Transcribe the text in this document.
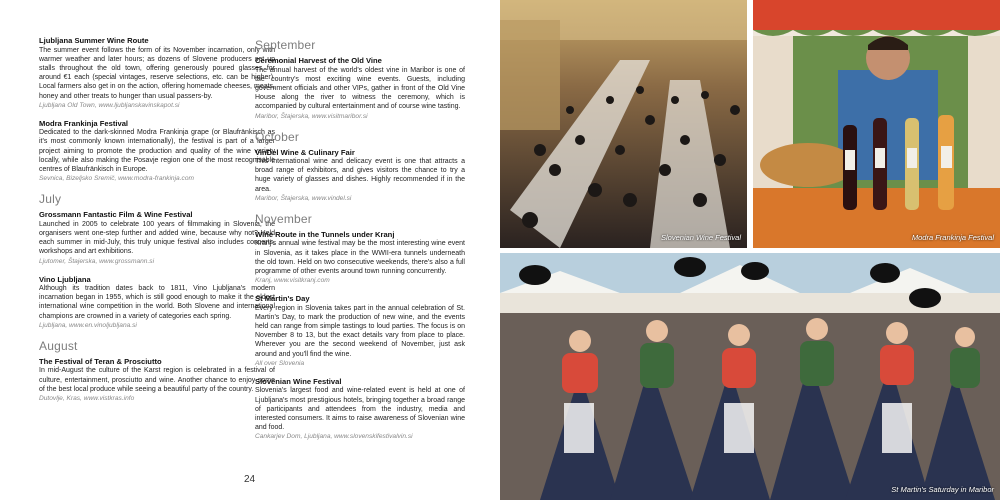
Ljubljana Summer Wine Route

The summer event follows the form of its November incarnation, only with warmer weather and later hours; as dozens of Slovene producers set up stalls throughout the old town, offering generously poured glasses for around €1 each (special vintages, reserve selections, etc. can be higher). Local farmers also get in on the action, offering homemade cheeses, meats, honey and other treats to hunger than usual passers-by.

Ljubljana Old Town, www.ljubljanskavinskapot.si

Modra Frankinja Festival

Dedicated to the dark-skinned Modra Frankinja grape (or Blaufränkisch as it's most commonly known internationally), the festival is part of a larger project aiming to promote the production and quality of the wine variety locally, while also making the Posavje region one of the most recognisable centres of Blaufränkisch in Europe.

Sevnica, Bizeljsko Sremič, www.modra-frankinja.com

July

Grossmann Fantastic Film & Wine Festival

Launched in 2005 to celebrate 100 years of filmmaking in Slovenia, the organisers went one-step further and added wine, because why not? Held each summer in mid-July, this truly unique festival also includes concerts, workshops and art exhibitions.

Ljutomer, Štajerska, www.grossmann.si

Vino Ljubljana

Although its tradition dates back to 1811, Vino Ljubljana's modern incarnation began in 1955, which is still good enough to make it the oldest international wine competition in the world. Both Slovene and international champions are crowned in a variety of categories each spring.

Ljubljana, www.en.vinoljubljana.si

August

The Festival of Teran & Prosciutto

In mid-August the culture of the Karst region is celebrated in a festival of culture, entertainment, prosciutto and wine. Another chance to enjoy some of the best local produce while seeing a beautiful party of the country.

Dutovlje, Kras, www.vistkras.info

September

Ceremonial Harvest of the Old Vine

The annual harvest of the world's oldest vine in Maribor is one of the country's most exciting wine events. Guests, including government officials and other VIPs, gather in front of the Old Vine House along the river to witness the ceremony, which is accompanied by cultural entertainment and of course wine tasting.

Maribor, Štajerska, www.visitmaribor.si

October

VinDel Wine & Culinary Fair

This international wine and delicacy event is one that attracts a broad range of exhibitors, and gives visitors the chance to try a huge variety of glasses and dishes. Highly recommended if in the area.

Maribor, Štajerska, www.vindel.si

November

Wine Route in the Tunnels under Kranj

Kranj's annual wine festival may be the most interesting wine event in Slovenia, as it takes place in the WWII-era tunnels underneath the old town. Held on two consecutive weekends, there's also a full programme of other events around town running concurrently.

Kranj, www.visitkranj.com

St Martin's Day

Every region in Slovenia takes part in the annual celebration of St. Martin's Day, to mark the production of new wine, and the events held can range from simple tastings to loud parties. The focus is on November 8 to 13, but the exact details vary from place to place. Wherever you are the second weekend of November, just ask around and you'll find the wine.

All over Slovenia

Slovenian Wine Festival

Slovenia's largest food and wine-related event is held at one of Ljubljana's most prestigious hotels, bringing together a broad range of participants and attendees from the industry, media and interested consumers. It aims to raise awareness of Slovenian wine and food.

Cankarjev Dom, Ljubljana, www.slovenskifestivalvin.si

24
Slovenian Wine Festival	Modra Frankinja Festival
St Martin's Saturday in Maribor
